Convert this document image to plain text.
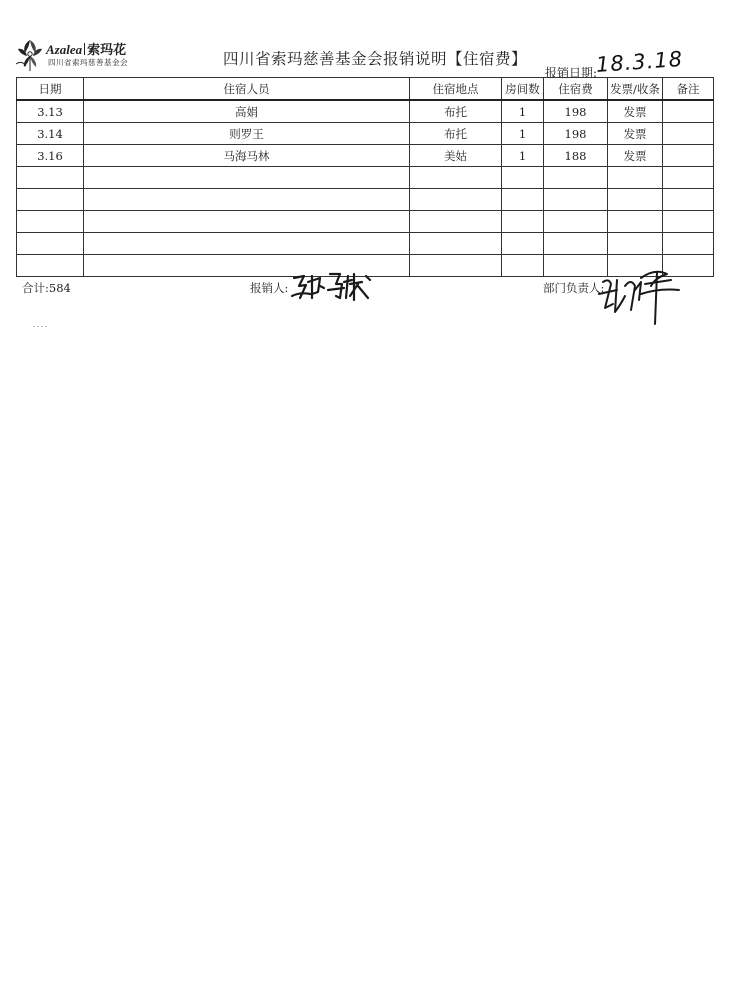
Azalea 索玛花
四川省索玛慈善基金会	四川省索玛慈善基金会报销说明【住宿费】
报销日期:
18.3.18
日期	住宿人员	住宿地点	房间数	住宿费	发票/收条	备注
3.13	高娟	布托	1	198	发票	
3.14	则罗王	布托	1	198	发票	
3.16	马海马林	美姑	1	188	发票	

合计:584	报销人:	部门负责人:
